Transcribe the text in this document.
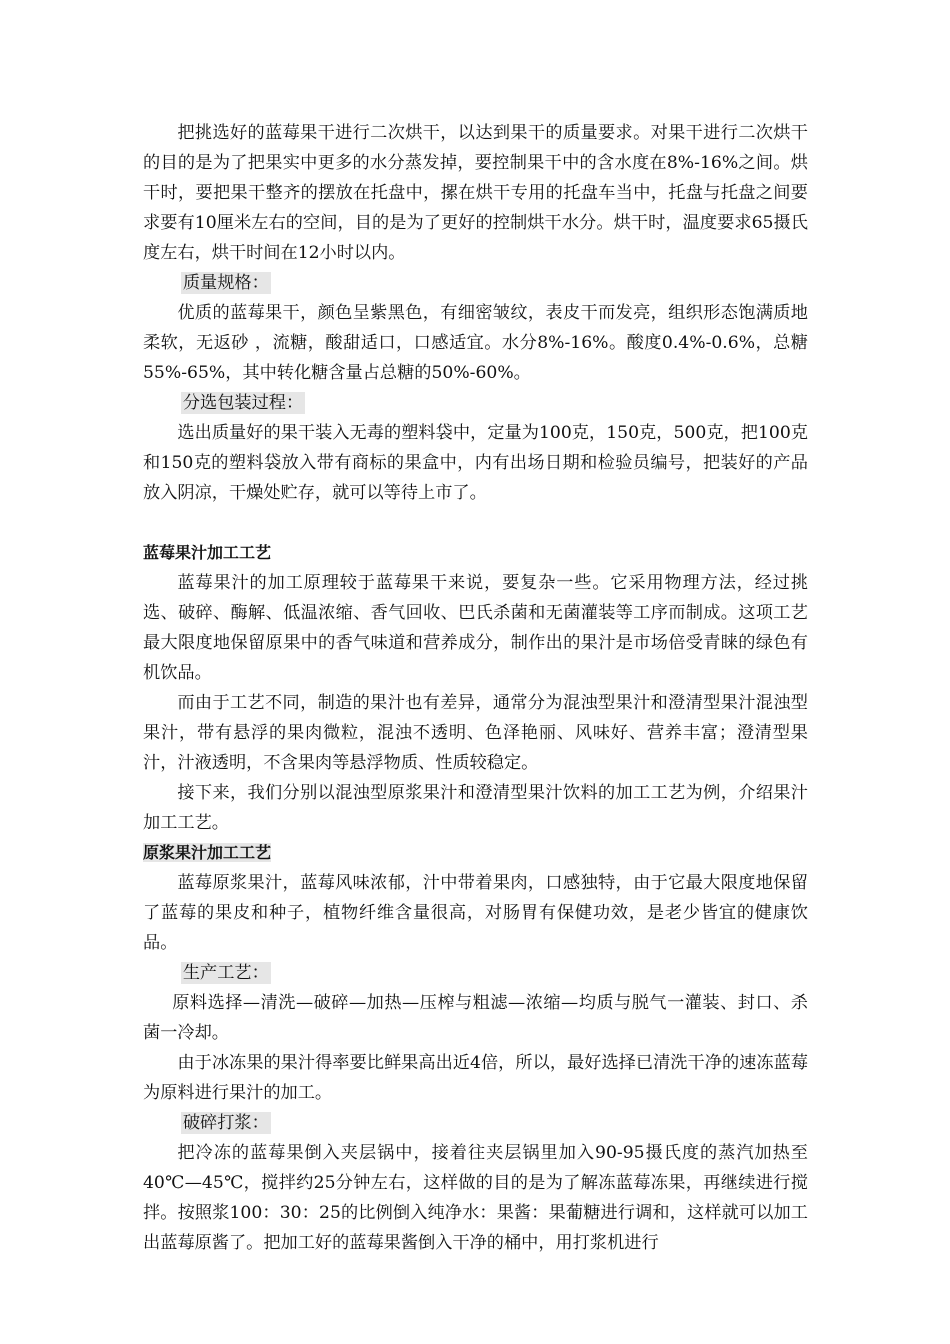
把挑选好的蓝莓果干进行二次烘干，以达到果干的质量要求。对果干进行二次烘干的目的是为了把果实中更多的水分蒸发掉，要控制果干中的含水度在8%-16%之间。烘干时，要把果干整齐的摆放在托盘中，摞在烘干专用的托盘车当中，托盘与托盘之间要求要有10厘米左右的空间，目的是为了更好的控制烘干水分。烘干时，温度要求65摄氏度左右，烘干时间在12小时以内。

质量规格：

优质的蓝莓果干，颜色呈紫黑色，有细密皱纹，表皮干而发亮，组织形态饱满质地柔软，无返砂 ，流糖，酸甜适口，口感适宜。水分8%-16%。酸度0.4%-0.6%，总糖55%-65%，其中转化糖含量占总糖的50%-60%。

分选包装过程：

选出质量好的果干装入无毒的塑料袋中，定量为100克，150克，500克，把100克和150克的塑料袋放入带有商标的果盒中，内有出场日期和检验员编号，把装好的产品放入阴凉，干燥处贮存，就可以等待上市了。

蓝莓果汁加工工艺

蓝莓果汁的加工原理较于蓝莓果干来说，要复杂一些。它采用物理方法，经过挑选、破碎、酶解、低温浓缩、香气回收、巴氏杀菌和无菌灌装等工序而制成。这项工艺最大限度地保留原果中的香气味道和营养成分，制作出的果汁是市场倍受青睐的绿色有机饮品。

而由于工艺不同，制造的果汁也有差异，通常分为混浊型果汁和澄清型果汁混浊型果汁，带有悬浮的果肉微粒，混浊不透明、色泽艳丽、风味好、营养丰富；澄清型果汁，汁液透明，不含果肉等悬浮物质、性质较稳定。

接下来，我们分别以混浊型原浆果汁和澄清型果汁饮料的加工工艺为例，介绍果汁加工工艺。

原浆果汁加工工艺

蓝莓原浆果汁，蓝莓风味浓郁，汁中带着果肉，口感独特，由于它最大限度地保留了蓝莓的果皮和种子，植物纤维含量很高，对肠胃有保健功效，是老少皆宜的健康饮品。

生产工艺：

原料选择—清洗—破碎—加热—压榨与粗滤—浓缩—均质与脱气一灌装、封口、杀菌一冷却。

由于冰冻果的果汁得率要比鲜果高出近4倍，所以，最好选择已清洗干净的速冻蓝莓为原料进行果汁的加工。

破碎打浆：

把冷冻的蓝莓果倒入夹层锅中，接着往夹层锅里加入90-95摄氏度的蒸汽加热至40℃—45℃，搅拌约25分钟左右，这样做的目的是为了解冻蓝莓冻果，再继续进行搅拌。按照浆100：30：25的比例倒入纯净水：果酱：果葡糖进行调和，这样就可以加工出蓝莓原酱了。把加工好的蓝莓果酱倒入干净的桶中，用打浆机进行
